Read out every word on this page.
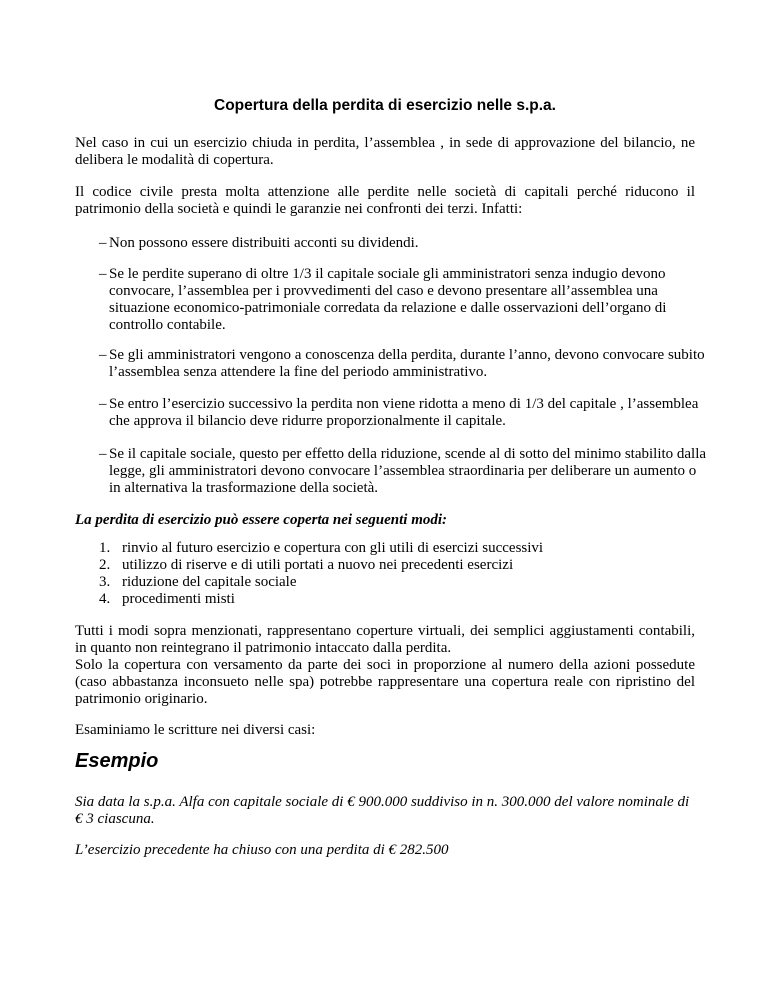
Copertura della perdita di esercizio nelle s.p.a.

Nel caso in cui un esercizio chiuda in perdita, l’assemblea , in sede di approvazione del bilancio, ne delibera le modalità di copertura.

Il codice civile presta molta attenzione alle perdite nelle società di capitali perché riducono il patrimonio della società e quindi le garanzie nei confronti dei terzi. Infatti:

– Non possono essere distribuiti acconti su dividendi.

– Se le perdite superano di oltre 1/3 il capitale sociale gli amministratori senza indugio devono convocare, l’assemblea per i provvedimenti del caso e devono presentare all’assemblea una situazione economico-patrimoniale corredata da relazione e dalle osservazioni dell’organo di controllo contabile.

– Se gli amministratori vengono a conoscenza della perdita, durante l’anno, devono convocare subito l’assemblea senza attendere la fine del periodo amministrativo.

– Se entro l’esercizio successivo la perdita non viene ridotta a meno di 1/3 del capitale , l’assemblea che approva il bilancio deve ridurre proporzionalmente il capitale.

– Se il capitale sociale, questo per effetto della riduzione, scende al di sotto del minimo stabilito dalla legge, gli amministratori devono convocare l’assemblea straordinaria per deliberare un aumento o in alternativa la trasformazione della società.

La perdita di esercizio può essere coperta nei seguenti modi:

1. rinvio al futuro esercizio e copertura con gli utili di esercizi successivi
2. utilizzo di riserve e di utili portati a nuovo nei precedenti esercizi
3. riduzione del capitale sociale
4. procedimenti misti

Tutti i modi sopra menzionati, rappresentano coperture virtuali, dei semplici aggiustamenti contabili, in quanto non reintegrano il patrimonio intaccato dalla perdita.
Solo la copertura con versamento da parte dei soci in proporzione al numero della azioni possedute (caso abbastanza inconsueto nelle spa) potrebbe rappresentare una copertura reale con ripristino del patrimonio originario.

Esaminiamo le scritture nei diversi casi:

Esempio

Sia data la s.p.a. Alfa con capitale sociale di € 900.000 suddiviso in n. 300.000 del valore nominale di € 3 ciascuna.

L’esercizio precedente ha chiuso con una perdita di € 282.500
